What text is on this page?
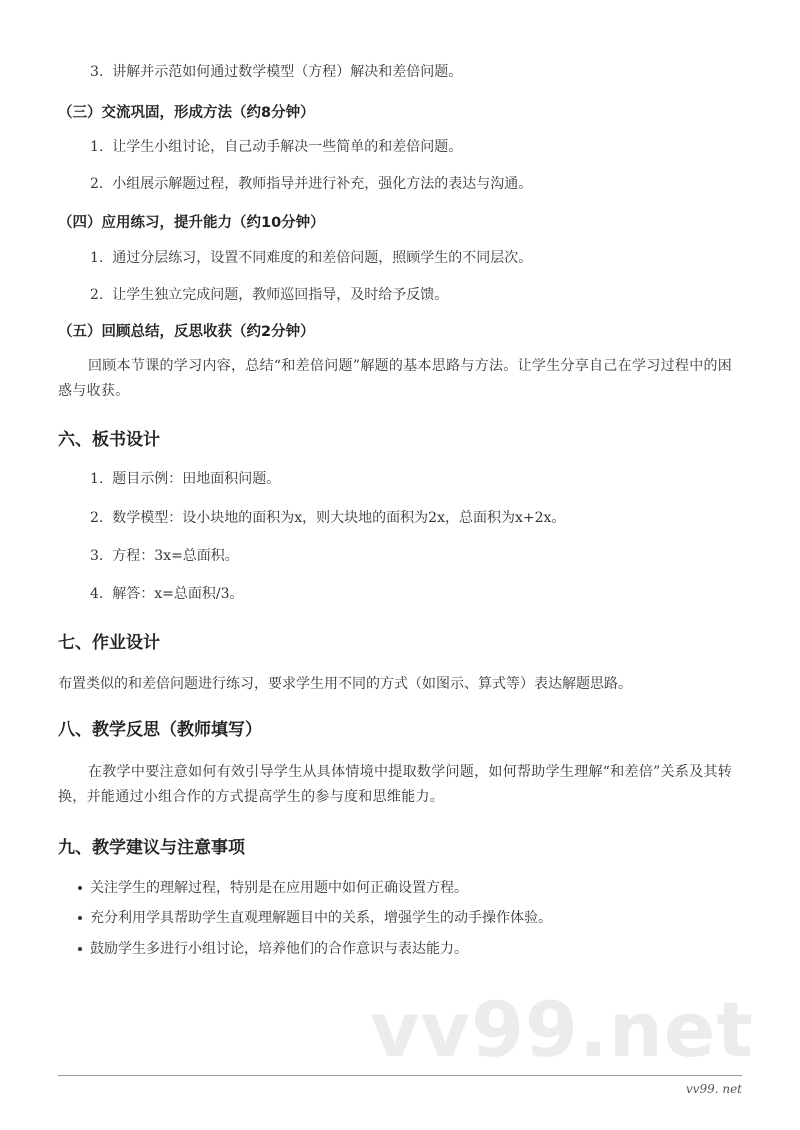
3. 讲解并示范如何通过数学模型（方程）解决和差倍问题。
（三）交流巩固，形成方法（约8分钟）
1. 让学生小组讨论，自己动手解决一些简单的和差倍问题。
2. 小组展示解题过程，教师指导并进行补充，强化方法的表达与沟通。
（四）应用练习，提升能力（约10分钟）
1. 通过分层练习，设置不同难度的和差倍问题，照顾学生的不同层次。
2. 让学生独立完成问题，教师巡回指导，及时给予反馈。
（五）回顾总结，反思收获（约2分钟）
回顾本节课的学习内容，总结“和差倍问题”解题的基本思路与方法。让学生分享自己在学习过程中的困惑与收获。
六、板书设计
1. 题目示例：田地面积问题。
2. 数学模型：设小块地的面积为x，则大块地的面积为2x，总面积为x+2x。
3. 方程：3x=总面积。
4. 解答：x=总面积/3。
七、作业设计
布置类似的和差倍问题进行练习，要求学生用不同的方式（如图示、算式等）表达解题思路。
八、教学反思（教师填写）
在教学中要注意如何有效引导学生从具体情境中提取数学问题，如何帮助学生理解“和差倍”关系及其转换，并能通过小组合作的方式提高学生的参与度和思维能力。
九、教学建议与注意事项
关注学生的理解过程，特别是在应用题中如何正确设置方程。
充分利用学具帮助学生直观理解题目中的关系，增强学生的动手操作体验。
鼓励学生多进行小组讨论，培养他们的合作意识与表达能力。
vv99.net
vv99. net
